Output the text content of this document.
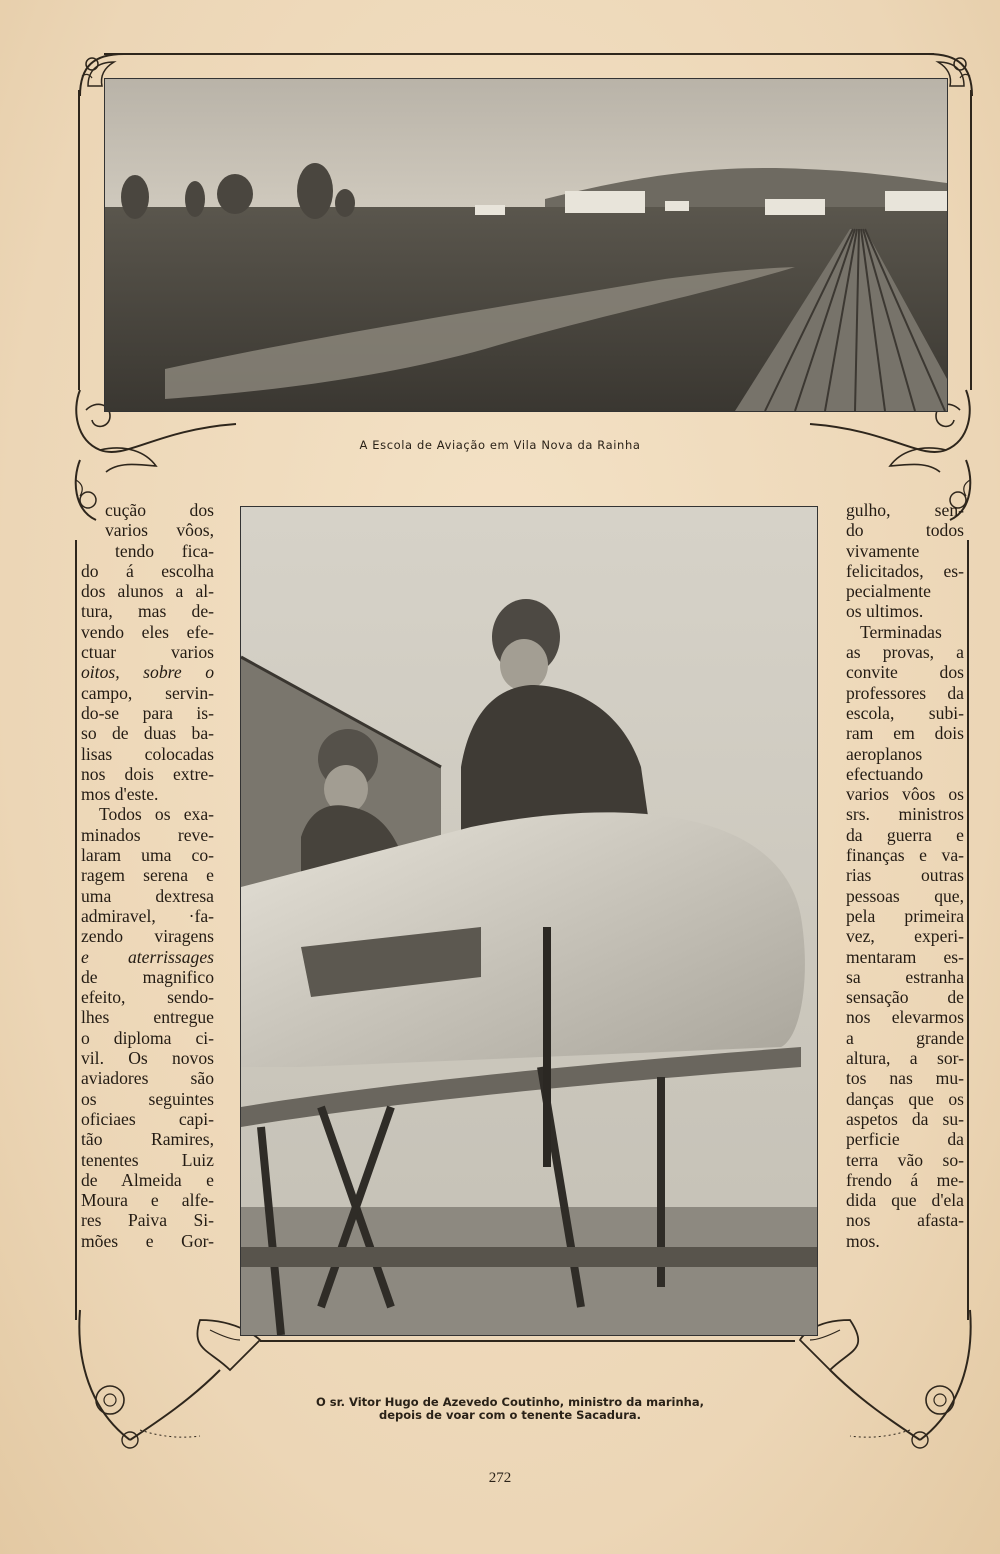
A Escola de Aviação em Vila Nova da Rainha
cução dos
varios vôos,
tendo fica-
do á escolha
dos alunos a al-
tura, mas de-
vendo eles efe-
ctuar varios
oitos, sobre o
campo, servin-
do-se para is-
so de duas ba-
lisas colocadas
nos dois extre-
mos d'este.
Todos os exa-
minados reve-
laram uma co-
ragem serena e
uma dextresa
admiravel, ·fa-
zendo viragens
e aterrissages
de magnifico
efeito, sendo-
lhes entregue
o diploma ci-
vil. Os novos
aviadores são
os seguintes
oficiaes capi-
tão Ramires,
tenentes Luiz
de Almeida e
Moura e alfe-
res Paiva Si-
mões e Gor-
gulho, sen-
do todos
vivamente
felicitados, es-
pecialmente
os ultimos.
Terminadas
as provas, a
convite dos
professores da
escola, subi-
ram em dois
aeroplanos
efectuando
varios vôos os
srs. ministros
da guerra e
finanças e va-
rias outras
pessoas que,
pela primeira
vez, experi-
mentaram es-
sa estranha
sensação de
nos elevarmos
a grande
altura, a sor-
tos nas mu-
danças que os
aspetos da su-
perficie da
terra vão so-
frendo á me-
dida que d'ela
nos afasta-
mos.
O sr. Vitor Hugo de Azevedo Coutinho, ministro da marinha,
depois de voar com o tenente Sacadura.
272
